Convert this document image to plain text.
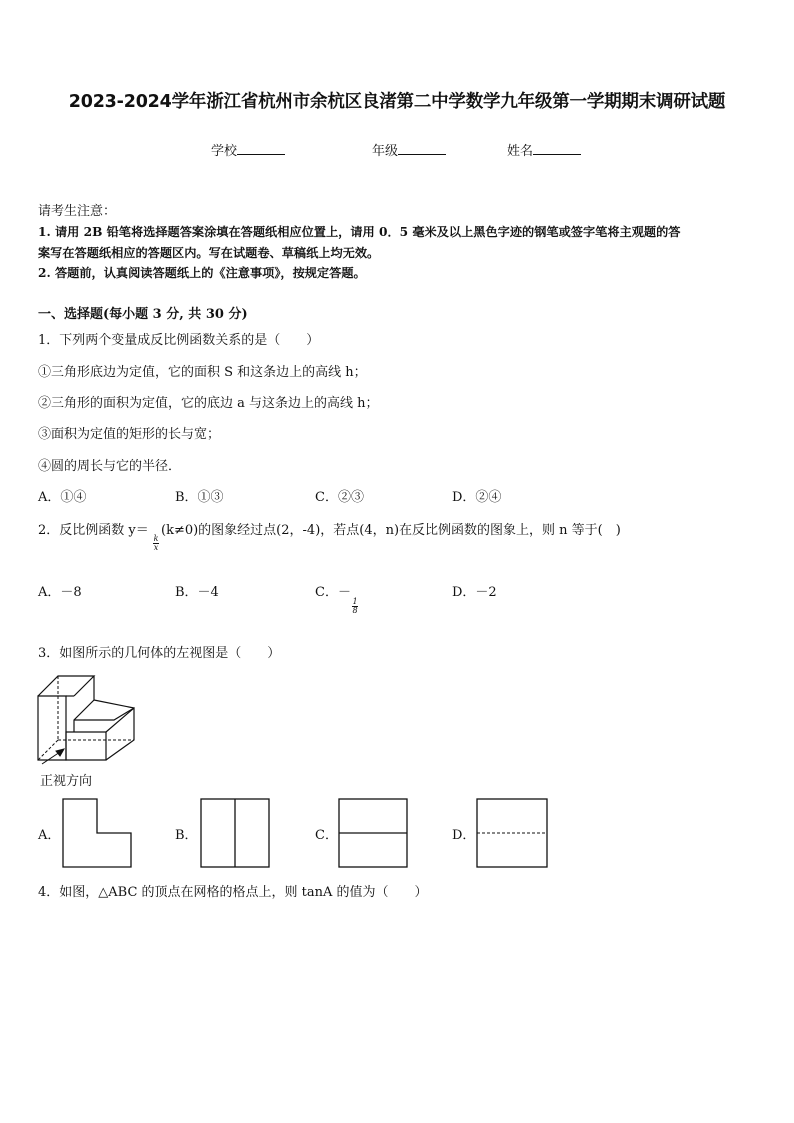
2023-2024学年浙江省杭州市余杭区良渚第二中学数学九年级第一学期期末调研试题
学校	年级	姓名
请考生注意：
1. 请用 2B 铅笔将选择题答案涂填在答题纸相应位置上，请用 0．5 毫米及以上黑色字迹的钢笔或签字笔将主观题的答
案写在答题纸相应的答题区内。写在试题卷、草稿纸上均无效。
2. 答题前，认真阅读答题纸上的《注意事项》，按规定答题。
一、选择题(每小题 3 分, 共 30 分)
1．下列两个变量成反比例函数关系的是（　　）
①三角形底边为定值，它的面积 S 和这条边上的高线 h；
②三角形的面积为定值，它的底边 a 与这条边上的高线 h；
③面积为定值的矩形的长与宽；
④圆的周长与它的半径．
A．①④	B．①③	C．②③	D．②④
2．反比例函数 y＝
k
x
(k≠0)的图象经过点(2，-4)，若点(4，n)在反比例函数的图象上，则 n 等于(　)
A．－8	B．－4	C．－
1
8
D．－2
3．如图所示的几何体的左视图是（　　）
正视方向
A．	B．	C．	D．
4．如图，△ABC 的顶点在网格的格点上，则 tanA 的值为（　　）
